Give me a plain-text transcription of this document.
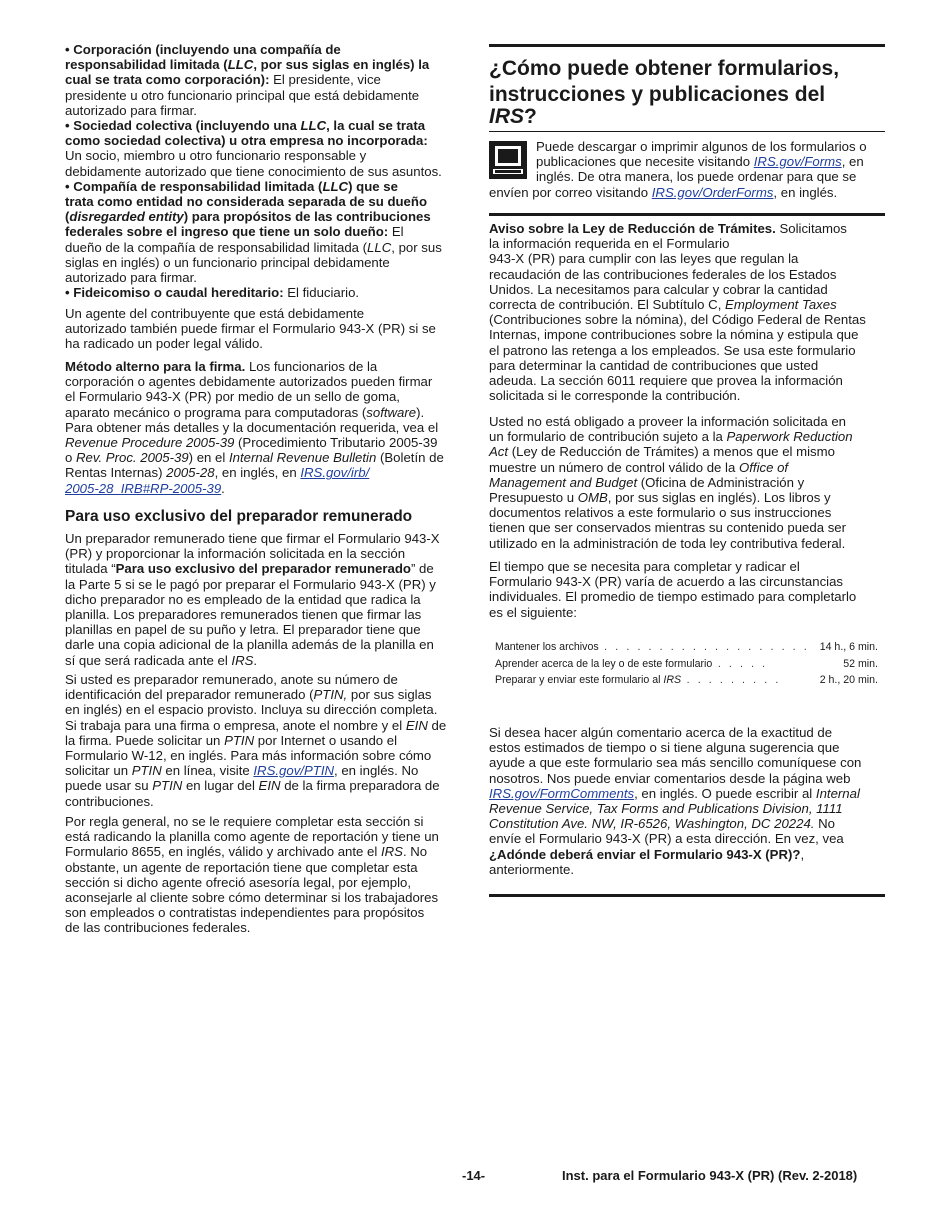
• Corporación (incluyendo una compañía de
responsabilidad limitada (LLC, por sus siglas en inglés) la
cual se trata como corporación): El presidente, vice
presidente u otro funcionario principal que está debidamente
autorizado para firmar.
• Sociedad colectiva (incluyendo una LLC, la cual se trata
como sociedad colectiva) u otra empresa no incorporada:
Un socio, miembro u otro funcionario responsable y
debidamente autorizado que tiene conocimiento de sus asuntos.
• Compañía de responsabilidad limitada (LLC) que se
trata como entidad no considerada separada de su dueño
(disregarded entity) para propósitos de las contribuciones
federales sobre el ingreso que tiene un solo dueño: El
dueño de la compañía de responsabilidad limitada (LLC, por sus
siglas en inglés) o un funcionario principal debidamente
autorizado para firmar.
• Fideicomiso o caudal hereditario: El fiduciario.
Un agente del contribuyente que está debidamente
autorizado también puede firmar el Formulario 943-X (PR) si se
ha radicado un poder legal válido.
Método alterno para la firma. Los funcionarios de la
corporación o agentes debidamente autorizados pueden firmar
el Formulario 943-X (PR) por medio de un sello de goma,
aparato mecánico o programa para computadoras (software).
Para obtener más detalles y la documentación requerida, vea el
Revenue Procedure 2005-39 (Procedimiento Tributario 2005-39
o Rev. Proc. 2005-39) en el Internal Revenue Bulletin (Boletín de
Rentas Internas) 2005-28, en inglés, en IRS.gov/irb/
2005-28_IRB#RP-2005-39.
Para uso exclusivo del preparador remunerado
Un preparador remunerado tiene que firmar el Formulario 943-X
(PR) y proporcionar la información solicitada en la sección
titulada “Para uso exclusivo del preparador remunerado” de
la Parte 5 si se le pagó por preparar el Formulario 943-X (PR) y
dicho preparador no es empleado de la entidad que radica la
planilla. Los preparadores remunerados tienen que firmar las
planillas en papel de su puño y letra. El preparador tiene que
darle una copia adicional de la planilla además de la planilla en
sí que será radicada ante el IRS.
Si usted es preparador remunerado, anote su número de
identificación del preparador remunerado (PTIN, por sus siglas
en inglés) en el espacio provisto. Incluya su dirección completa.
Si trabaja para una firma o empresa, anote el nombre y el EIN de
la firma. Puede solicitar un PTIN por Internet o usando el
Formulario W-12, en inglés. Para más información sobre cómo
solicitar un PTIN en línea, visite IRS.gov/PTIN, en inglés. No
puede usar su PTIN en lugar del EIN de la firma preparadora de
contribuciones.
Por regla general, no se le requiere completar esta sección si
está radicando la planilla como agente de reportación y tiene un
Formulario 8655, en inglés, válido y archivado ante el IRS. No
obstante, un agente de reportación tiene que completar esta
sección si dicho agente ofreció asesoría legal, por ejemplo,
aconsejarle al cliente sobre cómo determinar si los trabajadores
son empleados o contratistas independientes para propósitos
de las contribuciones federales.
¿Cómo puede obtener formularios,
instrucciones y publicaciones del
IRS?
Puede descargar o imprimir algunos de los formularios o
publicaciones que necesite visitando IRS.gov/Forms, en
inglés. De otra manera, los puede ordenar para que se
envíen por correo visitando IRS.gov/OrderForms, en inglés.
Aviso sobre la Ley de Reducción de Trámites. Solicitamos
la información requerida en el Formulario
943-X (PR) para cumplir con las leyes que regulan la
recaudación de las contribuciones federales de los Estados
Unidos. La necesitamos para calcular y cobrar la cantidad
correcta de contribución. El Subtítulo C, Employment Taxes
(Contribuciones sobre la nómina), del Código Federal de Rentas
Internas, impone contribuciones sobre la nómina y estipula que
el patrono las retenga a los empleados. Se usa este formulario
para determinar la cantidad de contribuciones que usted
adeuda. La sección 6011 requiere que provea la información
solicitada si le corresponde la contribución.
Usted no está obligado a proveer la información solicitada en
un formulario de contribución sujeto a la Paperwork Reduction
Act (Ley de Reducción de Trámites) a menos que el mismo
muestre un número de control válido de la Office of
Management and Budget (Oficina de Administración y
Presupuesto u OMB, por sus siglas en inglés). Los libros y
documentos relativos a este formulario o sus instrucciones
tienen que ser conservados mientras su contenido pueda ser
utilizado en la administración de toda ley contributiva federal.
El tiempo que se necesita para completar y radicar el
Formulario 943-X (PR) varía de acuerdo a las circunstancias
individuales. El promedio de tiempo estimado para completarlo
es el siguiente:
Mantener los archivos . . . . . . . . . . . . . . . . . . . 14 h., 6 min.
Aprender acerca de la ley o de este formulario . . . . .	52 min.
Preparar y enviar este formulario al IRS . . . . . . . . .	2 h., 20 min.
Si desea hacer algún comentario acerca de la exactitud de
estos estimados de tiempo o si tiene alguna sugerencia que
ayude a que este formulario sea más sencillo comuníquese con
nosotros. Nos puede enviar comentarios desde la página web
IRS.gov/FormComments, en inglés. O puede escribir al Internal
Revenue Service, Tax Forms and Publications Division, 1111
Constitution Ave. NW, IR-6526, Washington, DC 20224. No
envíe el Formulario 943-X (PR) a esta dirección. En vez, vea
¿Adónde deberá enviar el Formulario 943-X (PR)?,
anteriormente.
-14-	Inst. para el Formulario 943-X (PR) (Rev. 2-2018)
